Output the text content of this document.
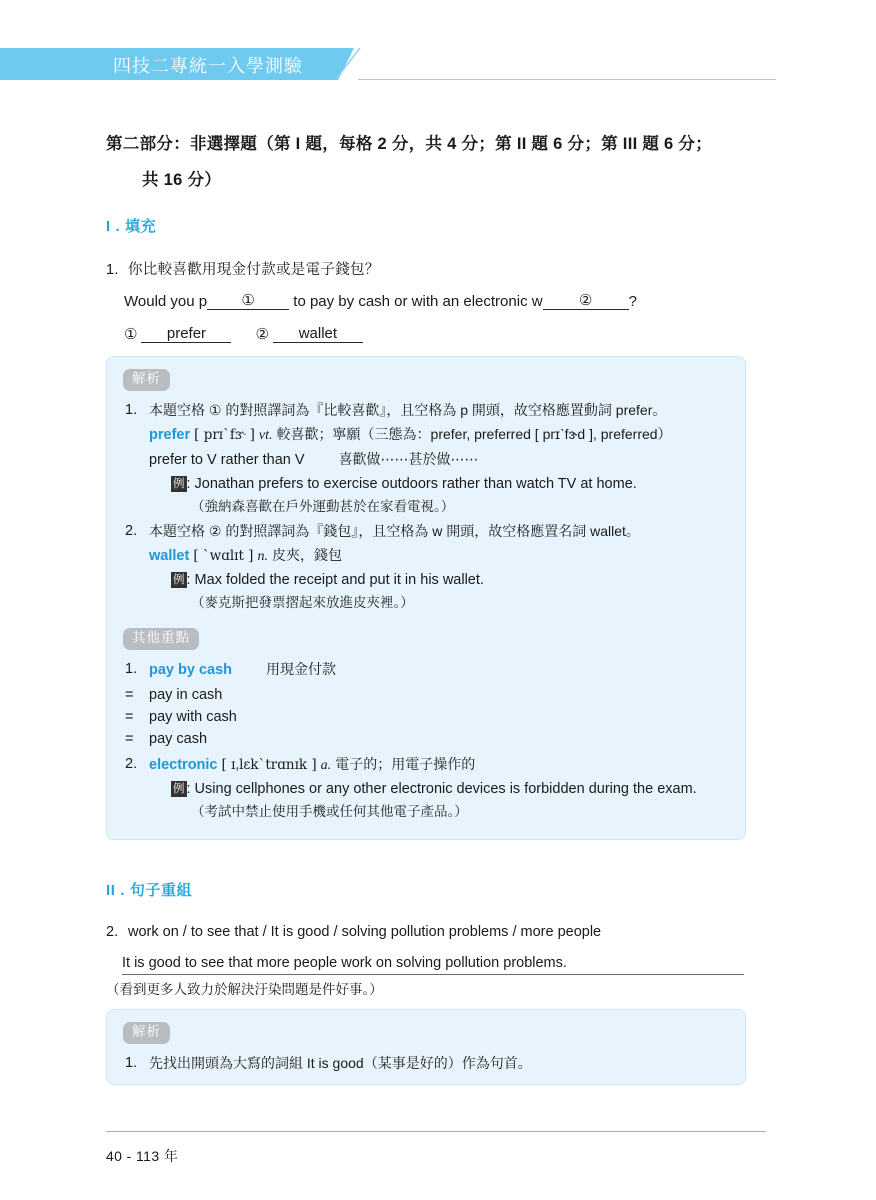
四技二專統一入學測驗
第二部分：非選擇題（第 I 題，每格 2 分，共 4 分；第 II 題 6 分；第 III 題 6 分；
共 16 分）
I . 填充
1. 你比較喜歡用現金付款或是電子錢包？
Would you p ①	to pay by cash or with an electronic w ② ?
① prefer	② wallet
解析
1. 本題空格 ① 的對照譯詞為『比較喜歡』，且空格為 p 開頭，故空格應置動詞 prefer。
prefer [ prɪˋfɝ ] vt. 較喜歡；寧願（三態為：prefer, preferred [ prɪˋfɝd ], preferred）
prefer to V rather than V 喜歡做⋯⋯甚於做⋯⋯
例 : Jonathan prefers to exercise outdoors rather than watch TV at home.
（強納森喜歡在戶外運動甚於在家看電視。）
2. 本題空格 ② 的對照譯詞為『錢包』，且空格為 w 開頭，故空格應置名詞 wallet。
wallet [ ˋwɑlɪt ] n. 皮夾，錢包
例 : Max folded the receipt and put it in his wallet.
（麥克斯把發票摺起來放進皮夾裡。）
其他重點
1. pay by cash 用現金付款
= pay in cash
= pay with cash
= pay cash
2. electronic [ ɪˌlɛkˋtrɑnɪk ] a. 電子的；用電子操作的
例 : Using cellphones or any other electronic devices is forbidden during the exam.
（考試中禁止使用手機或任何其他電子產品。）
II . 句子重組
2. work on / to see that / It is good / solving pollution problems / more people
It is good to see that more people work on solving pollution problems.
（看到更多人致力於解決汙染問題是件好事。）
解析
1. 先找出開頭為大寫的詞組 It is good（某事是好的）作為句首。
40 - 113 年
